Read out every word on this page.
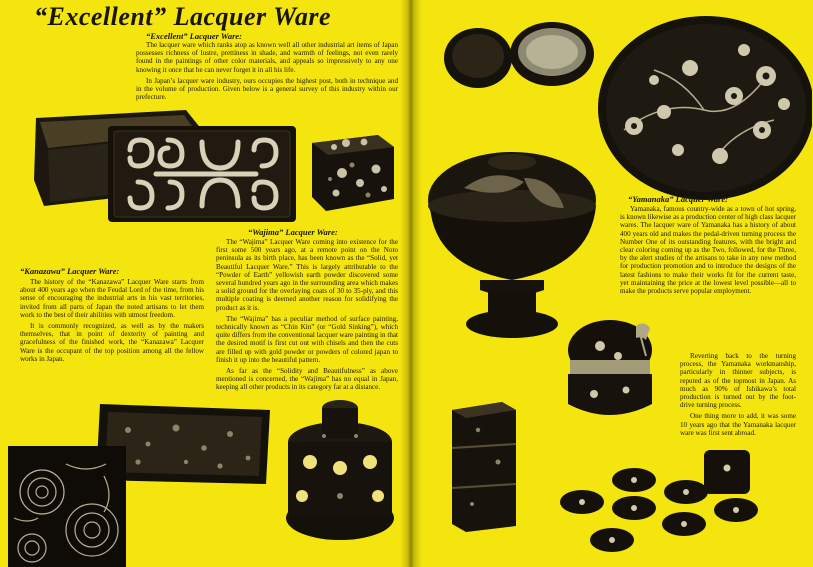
“Excellent” Lacquer Ware
“Excellent” Lacquer Ware:

The lacquer ware which ranks atop as known well all other industrial art items of Japan possesses richness of lustre, prettiness in shade, and warmth of feelings, not even rarely found in the paintings of other color materials, and appeals so impressively to any one knowing it once that he can never forget it in all his life.

In Japan’s lacquer ware industry, ours occupies the highest post, both in technique and in the volume of production. Given below is a general survey of this industry within our prefecture.

“Kanazawa” Lacquer Ware:

The history of the “Kanazawa” Lacquer Ware starts from about 400 years ago when the Feudal Lord of the time, from his sense of encouraging the industrial arts in his vast territories, invited from all parts of Japan the noted artisans to let them work to the best of their abilities with utmost freedom.

It is commonly recognized, as well as by the makers themselves, that in point of dexterity of painting and gracefulness of the finished work, the “Kanazawa” Lacquer Ware is the occupant of the top position among all the fellow works in Japan.

“Wajima” Lacquer Ware:

The “Wajima” Lacquer Ware coming into existence for the first some 500 years ago, at a remote point on the Noto peninsula as its birth place, has been known as the “Solid, yet Beautiful Lacquer Ware.” This is largely attributable to the “Powder of Earth” yellowish earth powder discovered some several hundred years ago in the surrounding area which makes a solid ground for the overlaying coats of 30 to 35-ply, and this multiple coating is deemed another reason for solidifying the product as it is.

The “Wajima” has a peculiar method of surface painting, technically known as “Chin Kin” (or “Gold Sinking”), which quite differs from the conventional lacquer ware painting in that the desired motif is first cut out with chisels and then the cuts are filled up with gold powder or powders of colored japan to finish it up into the beautiful pattern.

As far as the “Solidity and Beautifulness” as above mentioned is concerned, the “Wajima” has no equal in Japan, keeping all other products in its category far at a distance.

“Yamanaka” Lacquer Ware:

Yamanaka, famous country-wide as a town of hot spring, is known likewise as a production center of high class lacquer wares. The lacquer ware of Yamanaka has a history of about 400 years old and makes the pedal-driven turning process the Number One of its outstanding features, with the bright and clear coloring coming up as the Two, followed, for the Three, by the alert studies of the artisans to take in any new method for production promotion and to introduce the designs of the latest fashions to make their works fit for the current taste, yet maintaining the price at the lowest level possible—all to make the products serve popular employment.

Reverting back to the turning process, the Yamanaka workmanship, particularly in thinner subjects, is reputed as of the topmost in Japan. As much as 90% of Ishikawa’s total production is turned out by the foot-drive turning process.

One thing more to add, it was some 10 years ago that the Yamanaka lacquer ware was first sent abroad.
